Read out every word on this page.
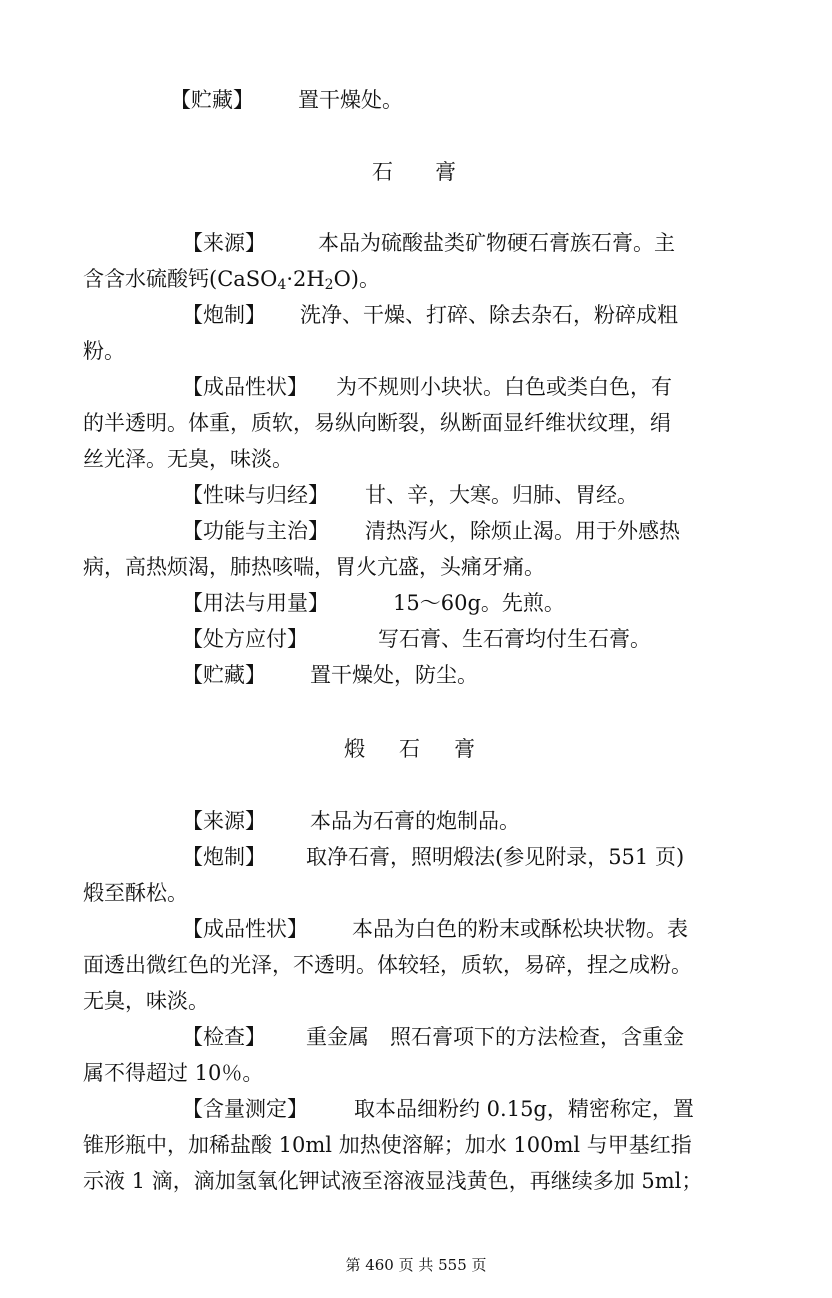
【贮藏】 置干燥处。
石 膏
【来源】 本品为硫酸盐类矿物硬石膏族石膏。主
含含水硫酸钙$(CaSO_4\cdot 2H_2O)$。
【炮制】 洗净、干燥、打碎、除去杂石，粉碎成粗
粉。
【成品性状】 为不规则小块状。白色或类白色，有
的半透明。体重，质软，易纵向断裂，纵断面显纤维状纹理，绢
丝光泽。无臭，味淡。
【性味与归经】 甘、辛，大寒。归肺、胃经。
【功能与主治】 清热泻火，除烦止渴。用于外感热
病，高热烦渴，肺热咳喘，胃火亢盛，头痛牙痛。
【用法与用量】	15～60g。先煎。
【处方应付】	写石膏、生石膏均付生石膏。
【贮藏】 置干燥处，防尘。
煅 石 膏
【来源】 本品为石膏的炮制品。
【炮制】 取净石膏，照明煅法(参见附录，551 页)
煅至酥松。
【成品性状】 本品为白色的粉末或酥松块状物。表
面透出微红色的光泽，不透明。体较轻，质软，易碎，捏之成粉。
无臭，味淡。
【检查】 重金属　照石膏项下的方法检查，含重金
属不得超过 10％。
【含量测定】 取本品细粉约 0.15g，精密称定，置
锥形瓶中，加稀盐酸 10ml 加热使溶解；加水 100ml 与甲基红指
示液 1 滴，滴加氢氧化钾试液至溶液显浅黄色，再继续多加 5ml；
第 460 页 共 555 页
